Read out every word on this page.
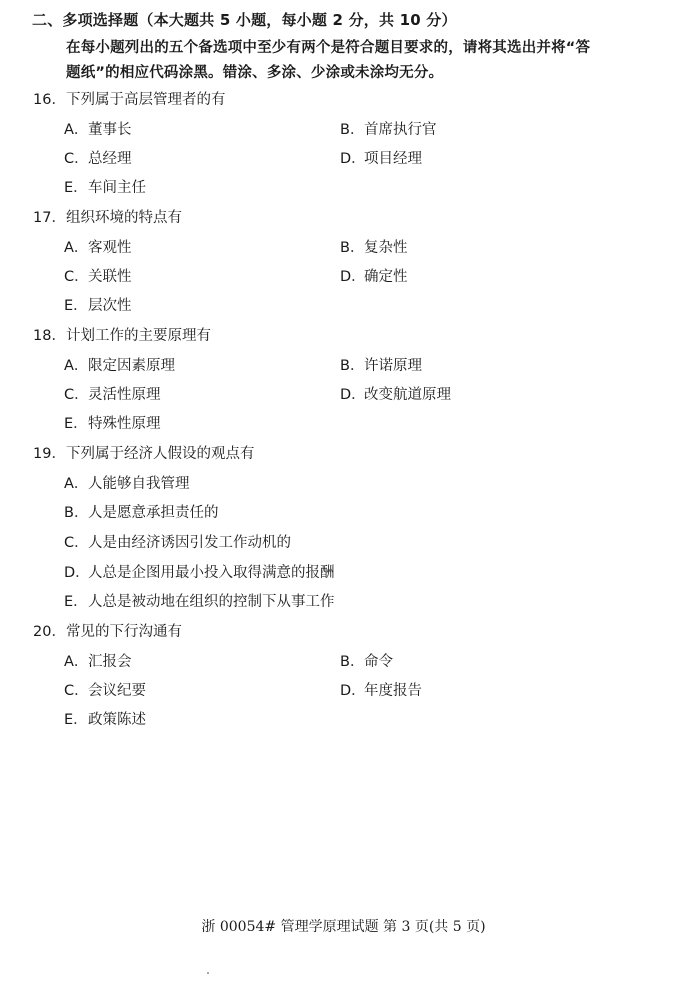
二、多项选择题（本大题共 5 小题，每小题 2 分，共 10 分）
在每小题列出的五个备选项中至少有两个是符合题目要求的，请将其选出并将“答
题纸”的相应代码涂黑。错涂、多涂、少涂或未涂均无分。
16．下列属于高层管理者的有
A．董事长	B．首席执行官
C．总经理	D．项目经理
E．车间主任
17．组织环境的特点有
A．客观性	B．复杂性
C．关联性	D．确定性
E．层次性
18．计划工作的主要原理有
A．限定因素原理	B．许诺原理
C．灵活性原理	D．改变航道原理
E．特殊性原理
19．下列属于经济人假设的观点有
A．人能够自我管理
B．人是愿意承担责任的
C．人是由经济诱因引发工作动机的
D．人总是企图用最小投入取得满意的报酬
E．人总是被动地在组织的控制下从事工作
20．常见的下行沟通有
A．汇报会	B．命令
C．会议纪要	D．年度报告
E．政策陈述
浙 00054# 管理学原理试题 第 3 页(共 5 页)
